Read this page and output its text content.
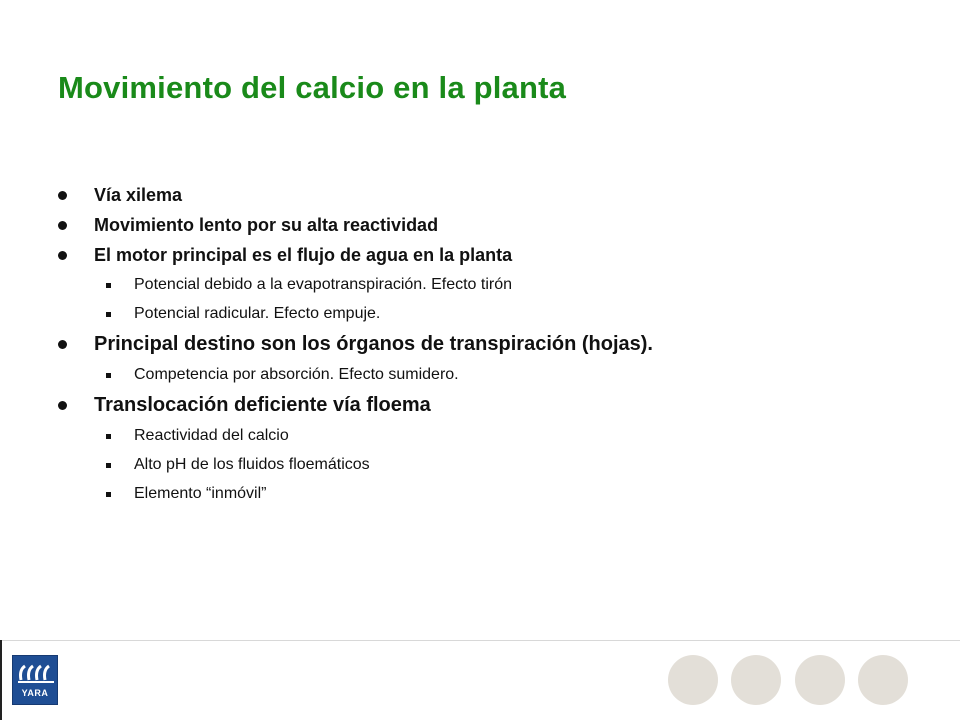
Movimiento del calcio en la planta
Vía xilema
Movimiento lento por su alta reactividad
El motor principal es el flujo de agua en la planta
Potencial debido a la evapotranspiración. Efecto tirón
Potencial radicular. Efecto empuje.
Principal destino son los órganos de transpiración (hojas).
Competencia por absorción. Efecto sumidero.
Translocación deficiente vía floema
Reactividad del calcio
Alto pH de los fluidos floemáticos
Elemento “inmóvil”
YARA
